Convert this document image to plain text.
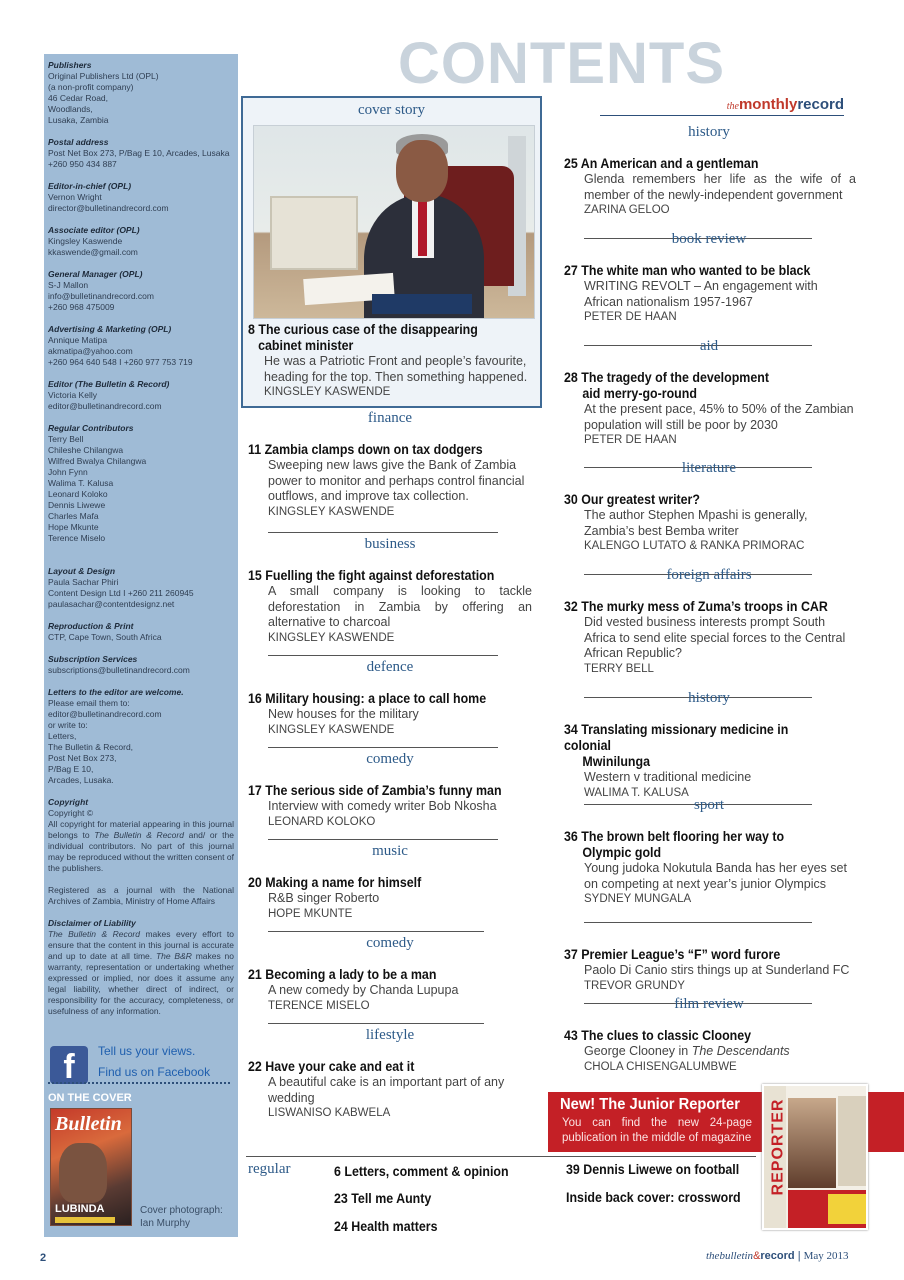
Publishers
Original Publishers Ltd (OPL)
(a non-profit company)
46 Cedar Road,
Woodlands,
Lusaka, Zambia
Postal address
Post Net Box 273, P/Bag E 10, Arcades, Lusaka
+260 950 434 887
Editor-in-chief (OPL)
Vernon Wright
director@bulletinandrecord.com
Associate editor (OPL)
Kingsley Kaswende
kkaswende@gmail.com
General Manager (OPL)
S-J Mallon
info@bulletinandrecord.com
+260 968 475009
Advertising & Marketing (OPL)
Annique Matipa
akmatipa@yahoo.com
+260 964 640 548 I +260 977 753 719
Editor (The Bulletin & Record)
Victoria Kelly
editor@bulletinandrecord.com
Regular Contributors
Terry Bell
Chileshe Chilangwa
Wilfred Bwalya Chilangwa
John Fynn
Walima T. Kalusa
Leonard Koloko
Dennis Liwewe
Charles Mafa
Hope Mkunte
Terence Miselo
Layout & Design
Paula Sachar Phiri
Content Design Ltd I +260 211 260945
paulasachar@contentdesignz.net
Reproduction & Print
CTP, Cape Town, South Africa
Subscription Services
subscriptions@bulletinandrecord.com
Letters to the editor are welcome.
Please email them to:
editor@bulletinandrecord.com
or write to:
Letters,
The Bulletin & Record,
Post Net Box 273,
P/Bag E 10,
Arcades, Lusaka.
Copyright
Copyright ©
All copyright for material appearing in this journal belongs to The Bulletin & Record and/ or the individual contributors. No part of this journal may be reproduced without the written consent of the publishers.
Registered as a journal with the National Archives of Zambia, Ministry of Home Affairs
Disclaimer of Liability
The Bulletin & Record makes every effort to ensure that the content in this journal is accurate and up to date at all time. The B&R makes no warranty, representation or undertaking whether expressed or implied, nor does it assume any legal liability, whether direct of indirect, or responsibility for the accuracy, completeness, or usefulness of any information.
f	Tell us your views.
Find us on Facebook
ON THE COVER
Bulletin
LUBINDA	Cover photograph:
Ian Murphy
CONTENTS
themonthlyrecord
cover story
8 The curious case of the disappearing
cabinet minister
He was a Patriotic Front and people’s favourite, heading for the top. Then something happened.
KINGSLEY KASWENDE
finance
11 Zambia clamps down on tax dodgers
Sweeping new laws give the Bank of Zambia power to monitor and perhaps control financial outflows, and improve tax collection.
KINGSLEY KASWENDE
business
15 Fuelling the fight against deforestation
A small company is looking to tackle deforestation in Zambia by offering an alternative to charcoal
KINGSLEY KASWENDE
defence
16 Military housing: a place to call home
New houses for the military
KINGSLEY KASWENDE
comedy
17 The serious side of Zambia’s funny man
Interview with comedy writer Bob Nkosha
LEONARD KOLOKO
music
20 Making a name for himself
R&B singer Roberto
HOPE MKUNTE
comedy
21 Becoming a lady to be a man
A new comedy by Chanda Lupupa
TERENCE MISELO
lifestyle
22 Have your cake and eat it
A beautiful cake is an important part of any wedding
LISWANISO KABWELA
history
25 An American and a gentleman
Glenda remembers her life as the wife of a member of the newly-independent government
ZARINA GELOO
book review
27 The white man who wanted to be black
WRITING REVOLT – An engagement with African nationalism 1957-1967
PETER DE HAAN
aid
28 The tragedy of the development
aid merry-go-round
At the present pace, 45% to 50% of the Zambian population will still be poor by 2030
PETER DE HAAN
literature
30 Our greatest writer?
The author Stephen Mpashi is generally, Zambia’s best Bemba writer
KALENGO LUTATO & RANKA PRIMORAC
foreign affairs
32 The murky mess of Zuma’s troops in CAR
Did vested business interests prompt South Africa to send elite special forces to the Central African Republic?
TERRY BELL
history
34 Translating missionary medicine in colonial
Mwinilunga
Western v traditional medicine
WALIMA T. KALUSA
sport
36 The brown belt flooring her way to
Olympic gold
Young judoka Nokutula Banda has her eyes set on competing at next year’s junior Olympics
SYDNEY MUNGALA
37 Premier League’s “F” word furore
Paolo Di Canio stirs things up at Sunderland FC
TREVOR GRUNDY
film review
43 The clues to classic Clooney
George Clooney in The Descendants
CHOLA CHISENGALUMBWE
New! The Junior Reporter
You can find the new 24-page publication in the middle of magazine REPORTER
regular	6 Letters, comment & opinion
23 Tell me Aunty
24 Health matters
39 Dennis Liwewe on football
Inside back cover: crossword
2	thebulletin&record | May 2013
